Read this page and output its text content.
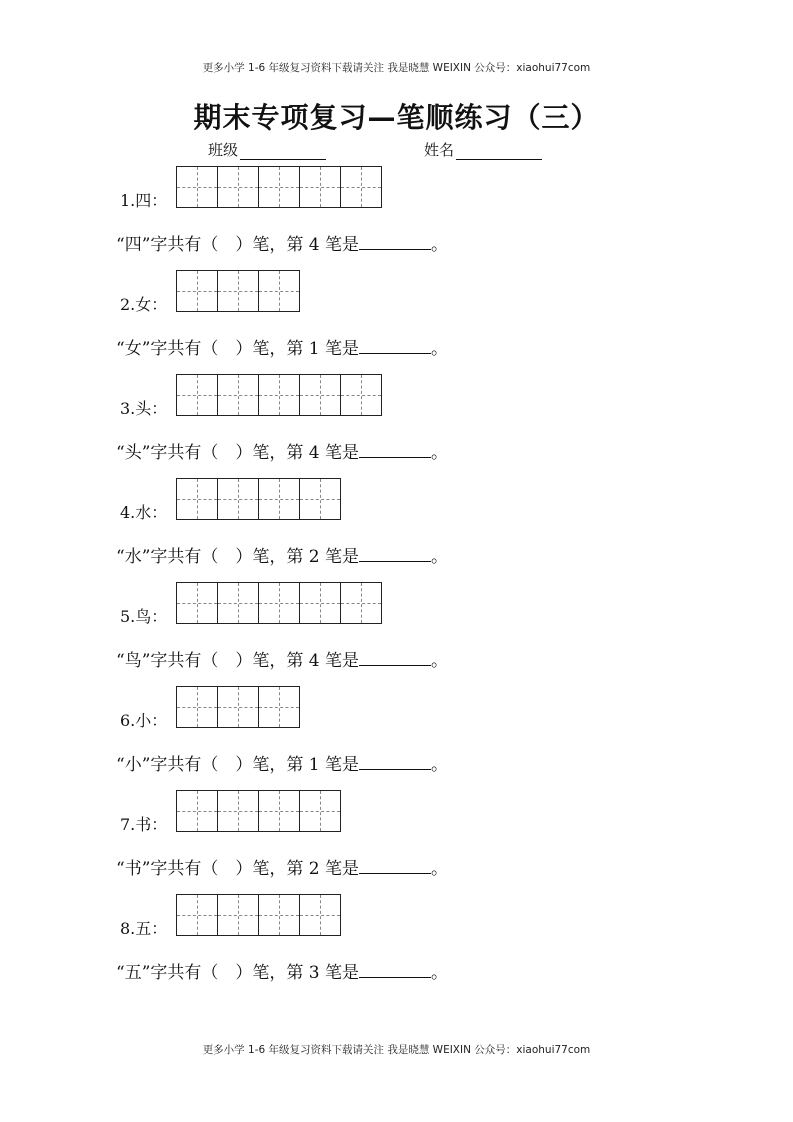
更多小学 1-6 年级复习资料下载请关注 我是晓慧 WEIXIN 公众号：xiaohui77com
期末专项复习—笔顺练习（三）
班级	姓名
1.四：
“四”字共有（　）笔，第 4 笔是	。
2.女：
“女”字共有（　）笔，第 1 笔是	。
3.头：
“头”字共有（　）笔，第 4 笔是	。
4.水：
“水”字共有（　）笔，第 2 笔是	。
5.鸟：
“鸟”字共有（　）笔，第 4 笔是	。
6.小：
“小”字共有（　）笔，第 1 笔是	。
7.书：
“书”字共有（　）笔，第 2 笔是	。
8.五：
“五”字共有（　）笔，第 3 笔是	。
更多小学 1-6 年级复习资料下载请关注 我是晓慧 WEIXIN 公众号：xiaohui77com
